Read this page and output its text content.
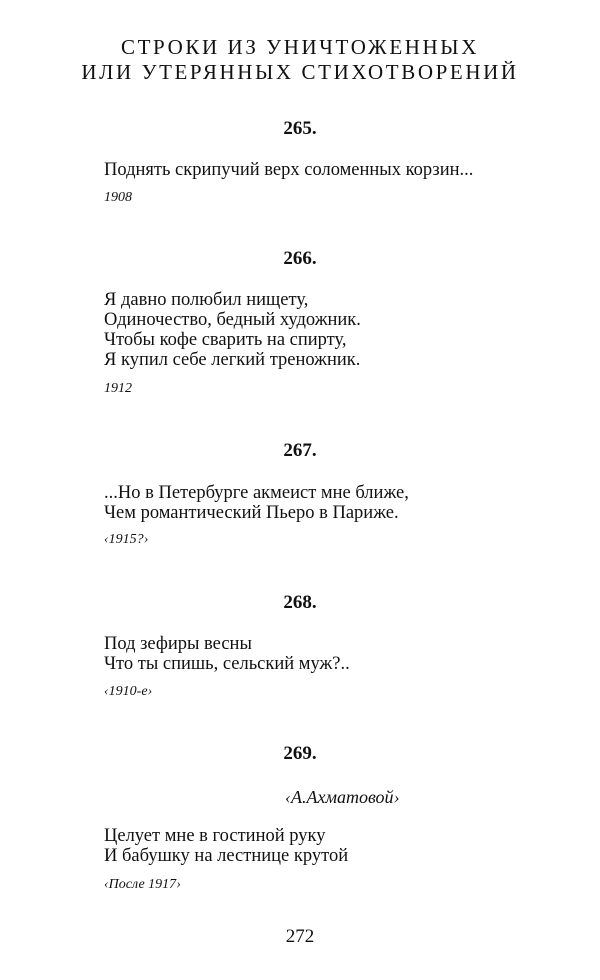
СТРОКИ ИЗ УНИЧТОЖЕННЫХ
ИЛИ УТЕРЯННЫХ СТИХОТВОРЕНИЙ
265.
Поднять скрипучий верх соломенных корзин...
1908
266.
Я давно полюбил нищету,
Одиночество, бедный художник.
Чтобы кофе сварить на спирту,
Я купил себе легкий треножник.
1912
267.
...Но в Петербурге акмеист мне ближе,
Чем романтический Пьеро в Париже.
‹1915?›
268.
Под зефиры весны
Что ты спишь, сельский муж?..
‹1910-е›
269.
‹А.Ахматовой›
Целует мне в гостиной руку
И бабушку на лестнице крутой
‹После 1917›
272
